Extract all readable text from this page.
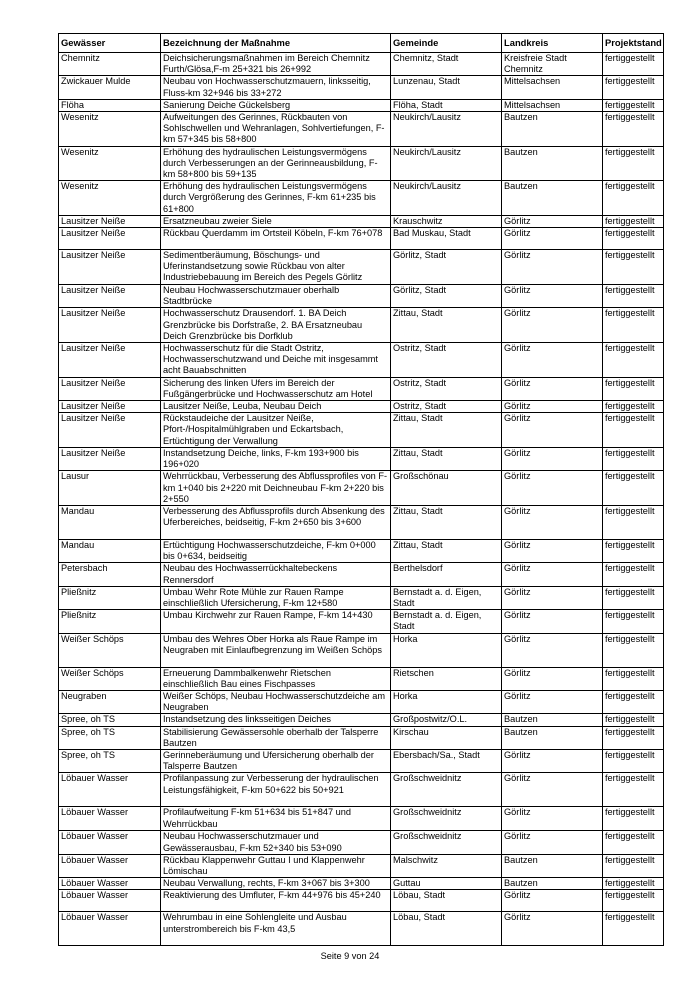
Gewässer	Bezeichnung der Maßnahme	Gemeinde	Landkreis	Projektstand
Chemnitz	Deichsicherungsmaßnahmen im Bereich Chemnitz Furth/Glösa,F-m 25+321 bis 26+992	Chemnitz, Stadt	Kreisfreie Stadt Chemnitz	fertiggestellt
Zwickauer Mulde	Neubau von Hochwasserschutzmauern, linksseitig, Fluss-km 32+946 bis 33+272	Lunzenau, Stadt	Mittelsachsen	fertiggestellt
Flöha	Sanierung Deiche Gückelsberg	Flöha, Stadt	Mittelsachsen	fertiggestellt
Wesenitz	Aufweitungen des Gerinnes, Rückbauten von Sohlschwellen und Wehranlagen, Sohlvertiefungen, F-km 57+345 bis 58+800	Neukirch/Lausitz	Bautzen	fertiggestellt
Wesenitz	Erhöhung des hydraulischen Leistungsvermögens durch Verbesserungen an der Gerinneausbildung, F-km 58+800 bis 59+135	Neukirch/Lausitz	Bautzen	fertiggestellt
Wesenitz	Erhöhung des hydraulischen Leistungsvermögens durch Vergrößerung des Gerinnes, F-km 61+235 bis 61+800	Neukirch/Lausitz	Bautzen	fertiggestellt
Lausitzer Neiße	Ersatzneubau zweier Siele	Krauschwitz	Görlitz	fertiggestellt
Lausitzer Neiße	Rückbau Querdamm im Ortsteil Köbeln, F-km 76+078	Bad Muskau, Stadt	Görlitz	fertiggestellt
Lausitzer Neiße	Sedimentberäumung, Böschungs- und Uferinstandsetzung sowie Rückbau von alter Industriebebauung im Bereich des Pegels Görlitz	Görlitz, Stadt	Görlitz	fertiggestellt
Lausitzer Neiße	Neubau Hochwasserschutzmauer oberhalb Stadtbrücke	Görlitz, Stadt	Görlitz	fertiggestellt
Lausitzer Neiße	Hochwasserschutz Drausendorf. 1. BA Deich Grenzbrücke bis Dorfstraße, 2. BA Ersatzneubau Deich Grenzbrücke bis Dorfklub	Zittau, Stadt	Görlitz	fertiggestellt
Lausitzer Neiße	Hochwasserschutz für die Stadt Ostritz, Hochwasserschutzwand und Deiche mit insgesammt acht Bauabschnitten	Ostritz, Stadt	Görlitz	fertiggestellt
Lausitzer Neiße	Sicherung des linken Ufers im Bereich der Fußgängerbrücke und Hochwasserschutz am Hotel	Ostritz, Stadt	Görlitz	fertiggestellt
Lausitzer Neiße	Lausitzer Neiße, Leuba, Neubau Deich	Ostritz, Stadt	Görlitz	fertiggestellt
Lausitzer Neiße	Rückstaudeiche der Lausitzer Neiße, Pfort-/Hospitalmühlgraben und Eckartsbach, Ertüchtigung der Verwallung	Zittau, Stadt	Görlitz	fertiggestellt
Lausitzer Neiße	Instandsetzung Deiche, links, F-km 193+900 bis 196+020	Zittau, Stadt	Görlitz	fertiggestellt
Lausur	Wehrrückbau, Verbesserung des Abflussprofiles von F-km 1+040 bis 2+220 mit Deichneubau F-km 2+220 bis 2+550	Großschönau	Görlitz	fertiggestellt
Mandau	Verbesserung des Abflussprofils durch Absenkung des Uferbereiches, beidseitig, F-km 2+650 bis 3+600	Zittau, Stadt	Görlitz	fertiggestellt
Mandau	Ertüchtigung Hochwasserschutzdeiche, F-km 0+000 bis 0+634, beidseitig	Zittau, Stadt	Görlitz	fertiggestellt
Petersbach	Neubau des Hochwasserrückhaltebeckens Rennersdorf	Berthelsdorf	Görlitz	fertiggestellt
Pließnitz	Umbau Wehr Rote Mühle zur Rauen Rampe einschließlich Ufersicherung, F-km 12+580	Bernstadt a. d. Eigen, Stadt	Görlitz	fertiggestellt
Pließnitz	Umbau Kirchwehr zur Rauen Rampe, F-km 14+430	Bernstadt a. d. Eigen, Stadt	Görlitz	fertiggestellt
Weißer Schöps	Umbau des Wehres Ober Horka als Raue Rampe im Neugraben mit Einlaufbegrenzung im Weißen Schöps	Horka	Görlitz	fertiggestellt
Weißer Schöps	Erneuerung Dammbalkenwehr Rietschen einschließlich Bau eines Fischpasses	Rietschen	Görlitz	fertiggestellt
Neugraben	Weißer Schöps, Neubau Hochwasserschutzdeiche am Neugraben	Horka	Görlitz	fertiggestellt
Spree, oh TS	Instandsetzung des linksseitigen Deiches	Großpostwitz/O.L.	Bautzen	fertiggestellt
Spree, oh TS	Stabilisierung Gewässersohle oberhalb der Talsperre Bautzen	Kirschau	Bautzen	fertiggestellt
Spree, oh TS	Gerinneberäumung und Ufersicherung oberhalb der Talsperre Bautzen	Ebersbach/Sa., Stadt	Görlitz	fertiggestellt
Löbauer Wasser	Profilanpassung zur Verbesserung der hydraulischen Leistungsfähigkeit, F-km 50+622 bis 50+921	Großschweidnitz	Görlitz	fertiggestellt
Löbauer Wasser	Profilaufweitung F-km 51+634 bis 51+847 und Wehrrückbau	Großschweidnitz	Görlitz	fertiggestellt
Löbauer Wasser	Neubau Hochwasserschutzmauer und Gewässerausbau, F-km 52+340 bis 53+090	Großschweidnitz	Görlitz	fertiggestellt
Löbauer Wasser	Rückbau Klappenwehr Guttau I und Klappenwehr Lömischau	Malschwitz	Bautzen	fertiggestellt
Löbauer Wasser	Neubau Verwallung, rechts, F-km 3+067 bis 3+300	Guttau	Bautzen	fertiggestellt
Löbauer Wasser	Reaktivierung des Umfluter, F-km 44+976 bis 45+240	Löbau, Stadt	Görlitz	fertiggestellt
Löbauer Wasser	Wehrumbau in eine Sohlengleite und Ausbau unterstrombereich bis F-km 43,5	Löbau, Stadt	Görlitz	fertiggestellt
Seite 9 von 24
